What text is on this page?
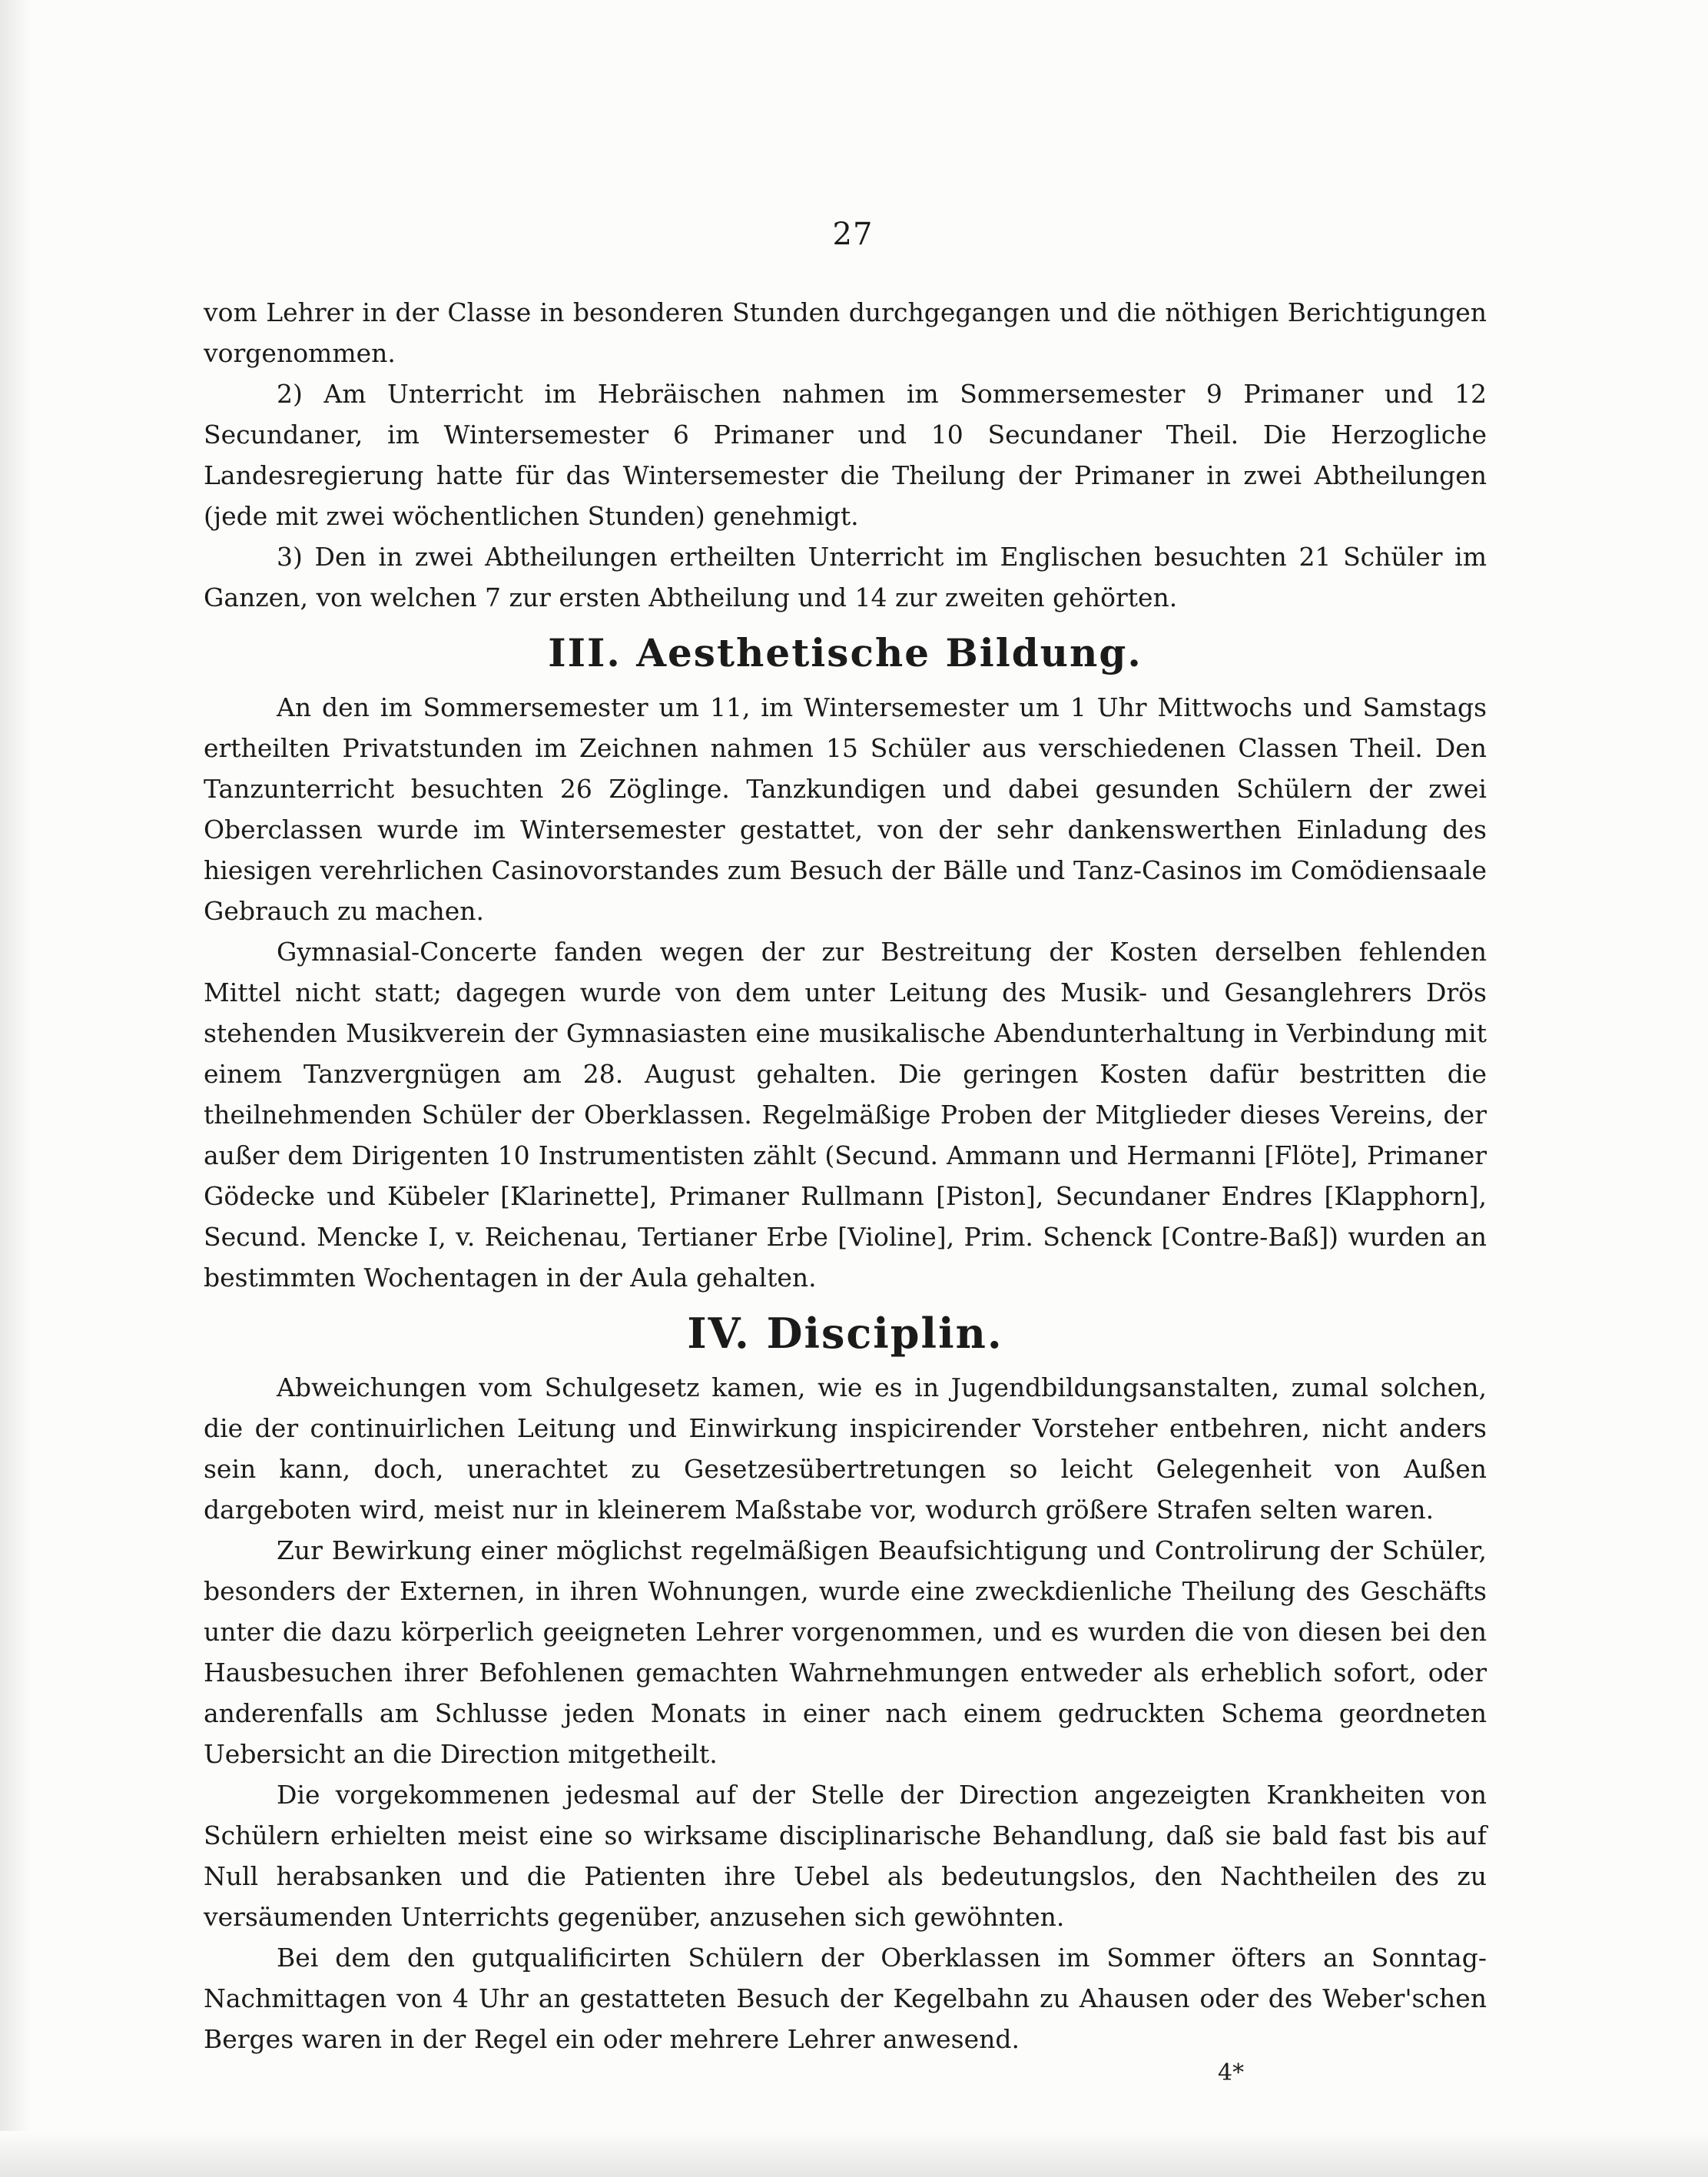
27

vom Lehrer in der Classe in besonderen Stunden durchgegangen und die nöthigen Berichtigungen vorgenommen.

2) Am Unterricht im Hebräischen nahmen im Sommersemester 9 Primaner und 12 Secundaner, im Wintersemester 6 Primaner und 10 Secundaner Theil. Die Herzogliche Landesregierung hatte für das Wintersemester die Theilung der Primaner in zwei Abtheilungen (jede mit zwei wöchentlichen Stunden) genehmigt.

3) Den in zwei Abtheilungen ertheilten Unterricht im Englischen besuchten 21 Schüler im Ganzen, von welchen 7 zur ersten Abtheilung und 14 zur zweiten gehörten.

III. Aesthetische Bildung.

An den im Sommersemester um 11, im Wintersemester um 1 Uhr Mittwochs und Samstags ertheilten Privatstunden im Zeichnen nahmen 15 Schüler aus verschiedenen Classen Theil. Den Tanzunterricht besuchten 26 Zöglinge. Tanzkundigen und dabei gesunden Schülern der zwei Oberclassen wurde im Wintersemester gestattet, von der sehr dankenswerthen Einladung des hiesigen verehrlichen Casinovorstandes zum Besuch der Bälle und Tanz-Casinos im Comödiensaale Gebrauch zu machen.

Gymnasial-Concerte fanden wegen der zur Bestreitung der Kosten derselben fehlenden Mittel nicht statt; dagegen wurde von dem unter Leitung des Musik- und Gesanglehrers Drös stehenden Musikverein der Gymnasiasten eine musikalische Abendunterhaltung in Verbindung mit einem Tanzvergnügen am 28. August gehalten. Die geringen Kosten dafür bestritten die theilnehmenden Schüler der Oberklassen. Regelmäßige Proben der Mitglieder dieses Vereins, der außer dem Dirigenten 10 Instrumentisten zählt (Secund. Ammann und Hermanni [Flöte], Primaner Gödecke und Kübeler [Klarinette], Primaner Rullmann [Piston], Secundaner Endres [Klapphorn], Secund. Mencke I, v. Reichenau, Tertianer Erbe [Violine], Prim. Schenck [Contre-Baß]) wurden an bestimmten Wochentagen in der Aula gehalten.

IV. Disciplin.

Abweichungen vom Schulgesetz kamen, wie es in Jugendbildungsanstalten, zumal solchen, die der continuirlichen Leitung und Einwirkung inspicirender Vorsteher entbehren, nicht anders sein kann, doch, unerachtet zu Gesetzesübertretungen so leicht Gelegenheit von Außen dargeboten wird, meist nur in kleinerem Maßstabe vor, wodurch größere Strafen selten waren.

Zur Bewirkung einer möglichst regelmäßigen Beaufsichtigung und Controlirung der Schüler, besonders der Externen, in ihren Wohnungen, wurde eine zweckdienliche Theilung des Geschäfts unter die dazu körperlich geeigneten Lehrer vorgenommen, und es wurden die von diesen bei den Hausbesuchen ihrer Befohlenen gemachten Wahrnehmungen entweder als erheblich sofort, oder anderenfalls am Schlusse jeden Monats in einer nach einem gedruckten Schema geordneten Uebersicht an die Direction mitgetheilt.

Die vorgekommenen jedesmal auf der Stelle der Direction angezeigten Krankheiten von Schülern erhielten meist eine so wirksame disciplinarische Behandlung, daß sie bald fast bis auf Null herabsanken und die Patienten ihre Uebel als bedeutungslos, den Nachtheilen des zu versäumenden Unterrichts gegenüber, anzusehen sich gewöhnten.

Bei dem den gutqualificirten Schülern der Oberklassen im Sommer öfters an Sonntag-Nachmittagen von 4 Uhr an gestatteten Besuch der Kegelbahn zu Ahausen oder des Weber'schen Berges waren in der Regel ein oder mehrere Lehrer anwesend.

4*
